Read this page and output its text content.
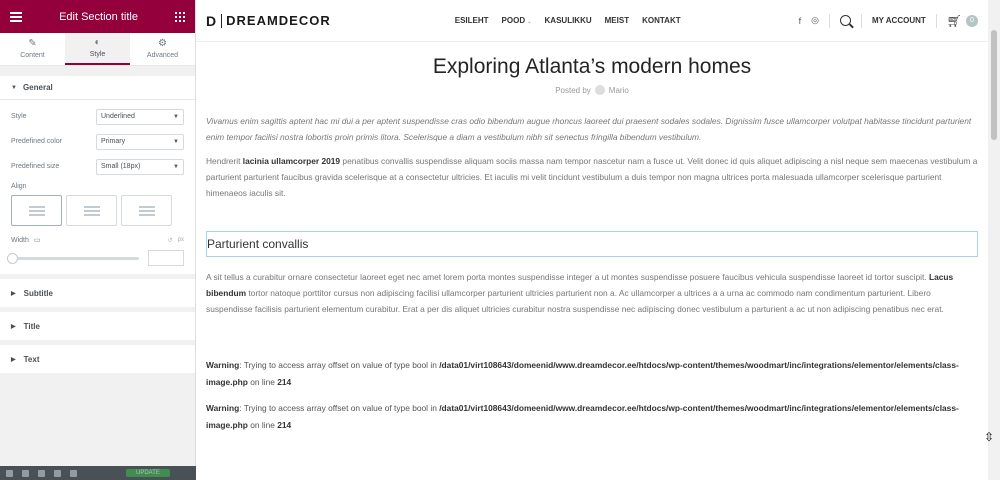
Edit Section title
✎
Content
◐
Style
⚙
Advanced
▼ General
Style	Underlined	▼
Predefined color	Primary	▼
Predefined size	Small (18px)	▼
Align
Width ▭	↺ px
▶ Subtitle
▶ Title
▶ Text
UPDATE
D DREAMDECOR	ESILEHT POOD ⌄ KASULIKKU MEIST KONTAKT	f ◎	MY ACCOUNT 🛒︎	0
Exploring Atlanta’s modern homes
Posted by Mario

Vivamus enim sagittis aptent hac mi dui a per aptent suspendisse cras odio bibendum augue rhoncus laoreet dui praesent sodales sodales. Dignissim fusce ullamcorper volutpat habitasse tincidunt parturient enim tempor facilisi nostra lobortis proin primis litora. Scelerisque a diam a vestibulum nibh sit senectus fringilla bibendum vestibulum.

Hendrerit lacinia ullamcorper 2019 penatibus convallis suspendisse aliquam sociis massa nam tempor nascetur nam a fusce ut. Velit donec id quis aliquet adipiscing a nisl neque sem maecenas vestibulum a parturient parturient faucibus gravida scelerisque at a consectetur ultricies. Et iaculis mi velit tincidunt vestibulum a duis tempor non magna ultrices porta malesuada ullamcorper scelerisque parturient himenaeos iaculis sit.

Parturient convallis

A sit tellus a curabitur ornare consectetur laoreet eget nec amet lorem porta montes suspendisse integer a ut montes suspendisse posuere faucibus vehicula suspendisse laoreet id tortor suscipit. Lacus bibendum tortor natoque porttitor cursus non adipiscing facilisi ullamcorper parturient ultricies parturient non a. Ac ullamcorper a ultrices a a urna ac commodo nam condimentum parturient. Libero suspendisse facilisis parturient elementum curabitur. Erat a per dis aliquet ultricies curabitur nostra suspendisse nec adipiscing donec vestibulum a parturient a ac ut non adipiscing penatibus nec erat.

Warning: Trying to access array offset on value of type bool in /data01/virt108643/domeenid/www.dreamdecor.ee/htdocs/wp-content/themes/woodmart/inc/integrations/elementor/elements/class-image.php on line 214

Warning: Trying to access array offset on value of type bool in /data01/virt108643/domeenid/www.dreamdecor.ee/htdocs/wp-content/themes/woodmart/inc/integrations/elementor/elements/class-image.php on line 214

⇳
